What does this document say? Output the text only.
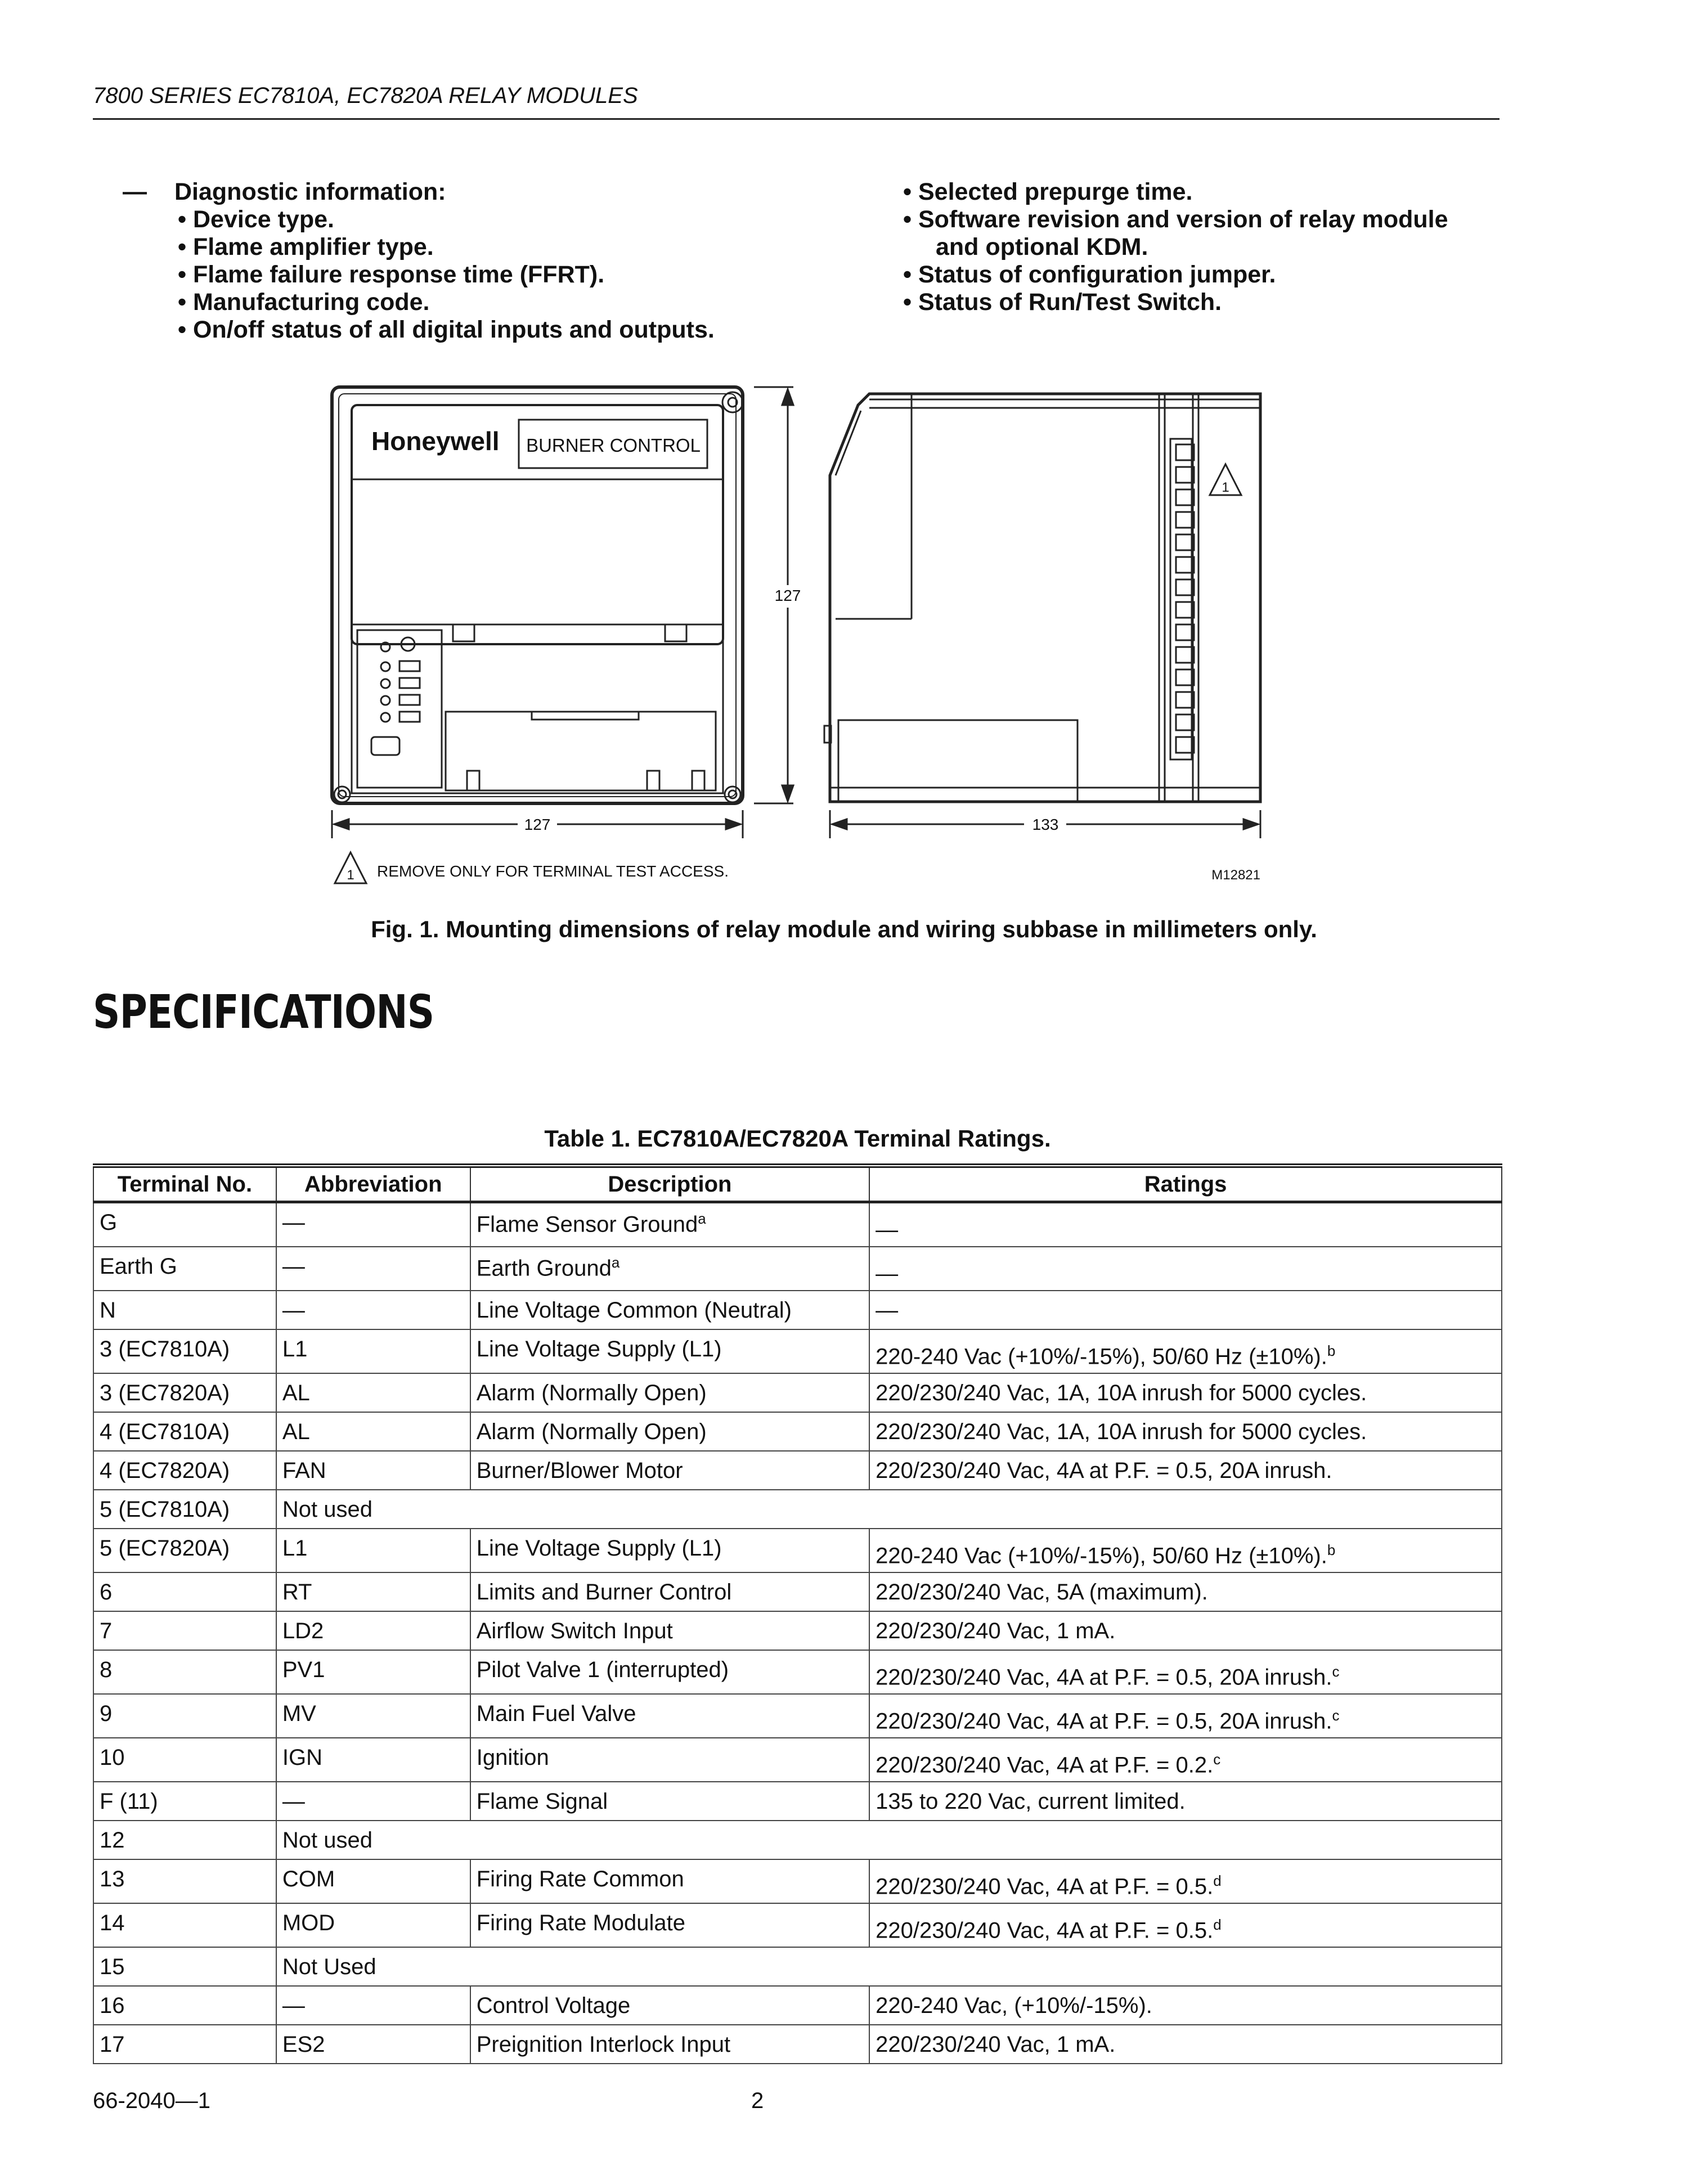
7800 SERIES EC7810A, EC7820A RELAY MODULES
—	Diagnostic information:
• Device type.
• Flame amplifier type.
• Flame failure response time (FFRT).
• Manufacturing code.
• On/off status of all digital inputs and outputs.
• Selected prepurge time.
• Software revision and version of relay module
and optional KDM.
• Status of configuration jumper.
• Status of Run/Test Switch.
Honeywell BURNER CONTROL
127
127
1
133
1 REMOVE ONLY FOR TERMINAL TEST ACCESS.	M12821
Fig. 1. Mounting dimensions of relay module and wiring subbase in millimeters only.
SPECIFICATIONS
Table 1. EC7810A/EC7820A Terminal Ratings.
Terminal No.	Abbreviation	Description	Ratings
G	—	Flame Sensor Ground$^a$	—
Earth G	—	Earth Ground$^a$	—
N	—	Line Voltage Common (Neutral)	—
3 (EC7810A)	L1	Line Voltage Supply (L1)	220-240 Vac (+10%/-15%), 50/60 Hz (±10%).$^b$
3 (EC7820A)	AL	Alarm (Normally Open)	220/230/240 Vac, 1A, 10A inrush for 5000 cycles.
4 (EC7810A)	AL	Alarm (Normally Open)	220/230/240 Vac, 1A, 10A inrush for 5000 cycles.
4 (EC7820A)	FAN	Burner/Blower Motor	220/230/240 Vac, 4A at P.F. = 0.5, 20A inrush.
5 (EC7810A)	Not used		
5 (EC7820A)	L1	Line Voltage Supply (L1)	220-240 Vac (+10%/-15%), 50/60 Hz (±10%).$^b$
6	RT	Limits and Burner Control	220/230/240 Vac, 5A (maximum).
7	LD2	Airflow Switch Input	220/230/240 Vac, 1 mA.
8	PV1	Pilot Valve 1 (interrupted)	220/230/240 Vac, 4A at P.F. = 0.5, 20A inrush.$^c$
9	MV	Main Fuel Valve	220/230/240 Vac, 4A at P.F. = 0.5, 20A inrush.$^c$
10	IGN	Ignition	220/230/240 Vac, 4A at P.F. = 0.2.$^c$
F (11)	—	Flame Signal	135 to 220 Vac, current limited.
12	Not used		
13	COM	Firing Rate Common	220/230/240 Vac, 4A at P.F. = 0.5.$^d$
14	MOD	Firing Rate Modulate	220/230/240 Vac, 4A at P.F. = 0.5.$^d$
15	Not Used		
16	—	Control Voltage	220-240 Vac, (+10%/-15%).
17	ES2	Preignition Interlock Input	220/230/240 Vac, 1 mA.
66-2040—1	2
